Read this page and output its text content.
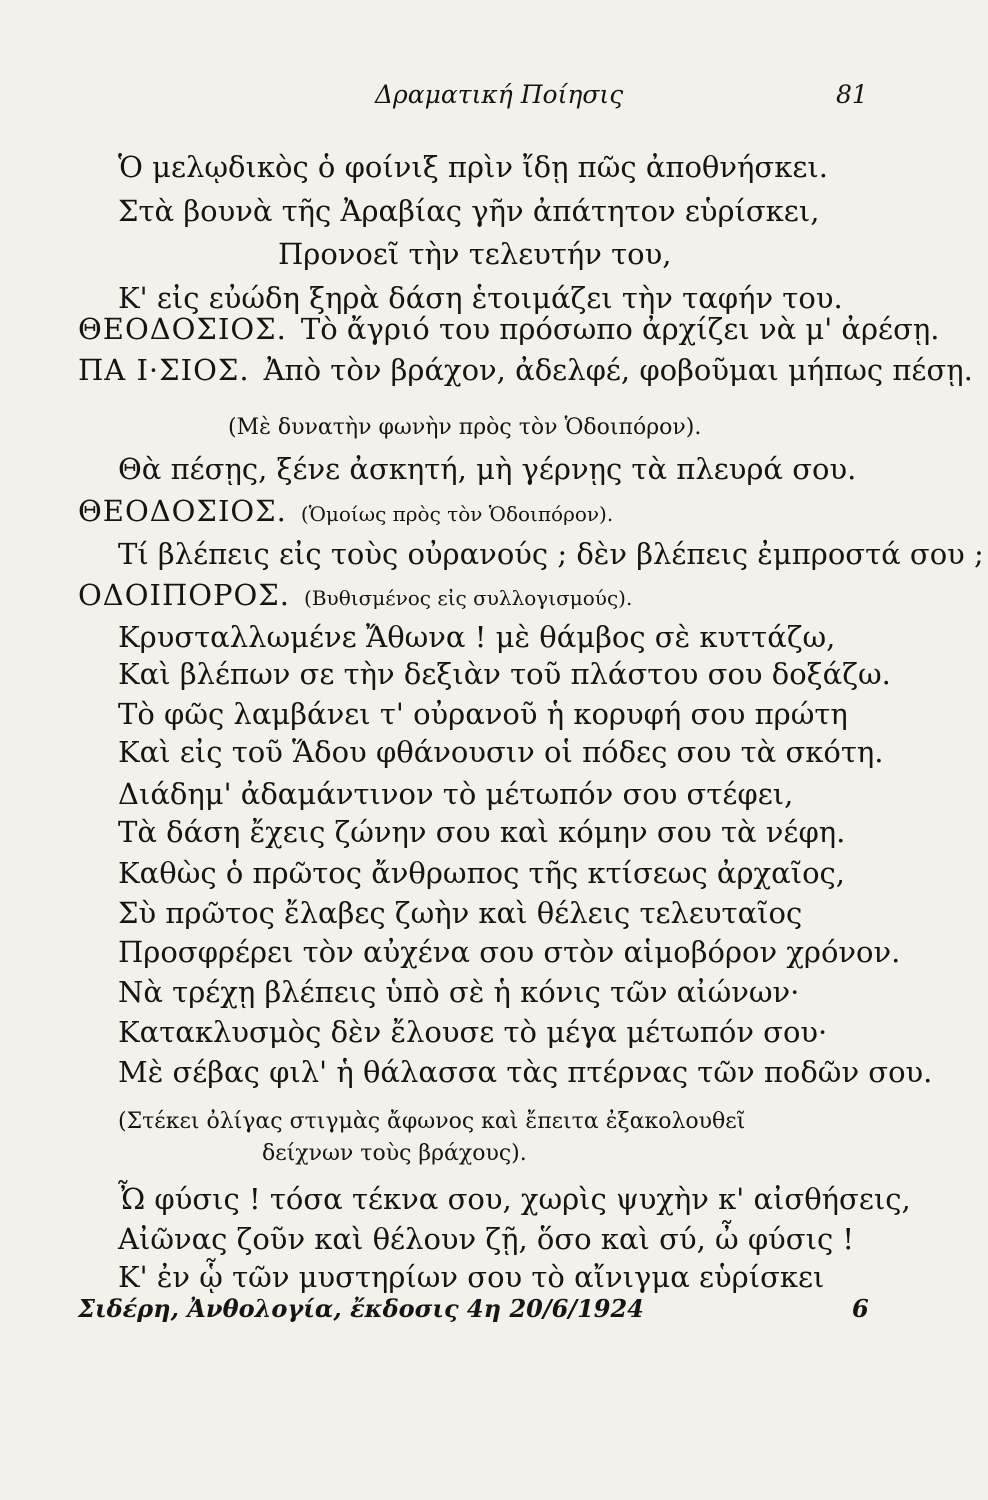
Δραματική Ποίησις	81
Ὁ μελῳδικὸς ὁ φοίνιξ πρὶν ἴδῃ πῶς ἀποθνήσκει.
Στὰ βουνὰ τῆς Ἀραβίας γῆν ἀπάτητον εὑρίσκει,
Προνοεῖ τὴν τελευτήν του,
Κ' εἰς εὐώδη ξηρὰ δάση ἑτοιμάζει τὴν ταφήν του.
ΘΕΟΔΟΣΙΟΣ. Τὸ ἄγριό του πρόσωπο ἀρχίζει νὰ μ' ἀρέσῃ.
ΠΑ Ι·ΣΙΟΣ. Ἀπὸ τὸν βράχον, ἀδελφέ, φοβοῦμαι μήπως πέσῃ.
(Μὲ δυνατὴν φωνὴν πρὸς τὸν Ὁδοιπόρον).
Θὰ πέσῃς, ξένε ἀσκητή, μὴ γέρνῃς τὰ πλευρά σου.
ΘΕΟΔΟΣΙΟΣ. (Ὁμοίως πρὸς τὸν Ὁδοιπόρον).
Τί βλέπεις εἰς τοὺς οὐρανούς ; δὲν βλέπεις ἐμπροστά σου ;
ΟΔΟΙΠΟΡΟΣ. (Βυθισμένος εἰς συλλογισμούς).
Κρυσταλλωμένε Ἄθωνα ! μὲ θάμβος σὲ κυττάζω,
Καὶ βλέπων σε τὴν δεξιὰν τοῦ πλάστου σου δοξάζω.
Τὸ φῶς λαμβάνει τ' οὐρανοῦ ἡ κορυφή σου πρώτη
Καὶ εἰς τοῦ Ἅδου φθάνουσιν οἱ πόδες σου τὰ σκότη.
Διάδημ' ἀδαμάντινον τὸ μέτωπόν σου στέφει,
Τὰ δάση ἔχεις ζώνην σου καὶ κόμην σου τὰ νέφη.
Καθὼς ὁ πρῶτος ἄνθρωπος τῆς κτίσεως ἀρχαῖος,
Σὺ πρῶτος ἔλαβες ζωὴν καὶ θέλεις τελευταῖος
Προσφρέρει τὸν αὐχένα σου στὸν αἱμοβόρον χρόνον.
Νὰ τρέχῃ βλέπεις ὑπὸ σὲ ἡ κόνις τῶν αἰώνων·
Κατακλυσμὸς δὲν ἔλουσε τὸ μέγα μέτωπόν σου·
Μὲ σέβας φιλ' ἡ θάλασσα τὰς πτέρνας τῶν ποδῶν σου.
(Στέκει ὀλίγας στιγμὰς ἄφωνος καὶ ἔπειτα ἐξακολουθεῖ
δείχνων τοὺς βράχους).
Ὦ φύσις ! τόσα τέκνα σου, χωρὶς ψυχὴν κ' αἰσθήσεις,
Αἰῶνας ζοῦν καὶ θέλουν ζῇ, ὅσο καὶ σύ, ὦ φύσις !
Κ' ἐν ᾧ τῶν μυστηρίων σου τὸ αἴνιγμα εὑρίσκει
Σιδέρη, Ἀνθολογία, ἔκδοσις 4η 20/6/1924	6
